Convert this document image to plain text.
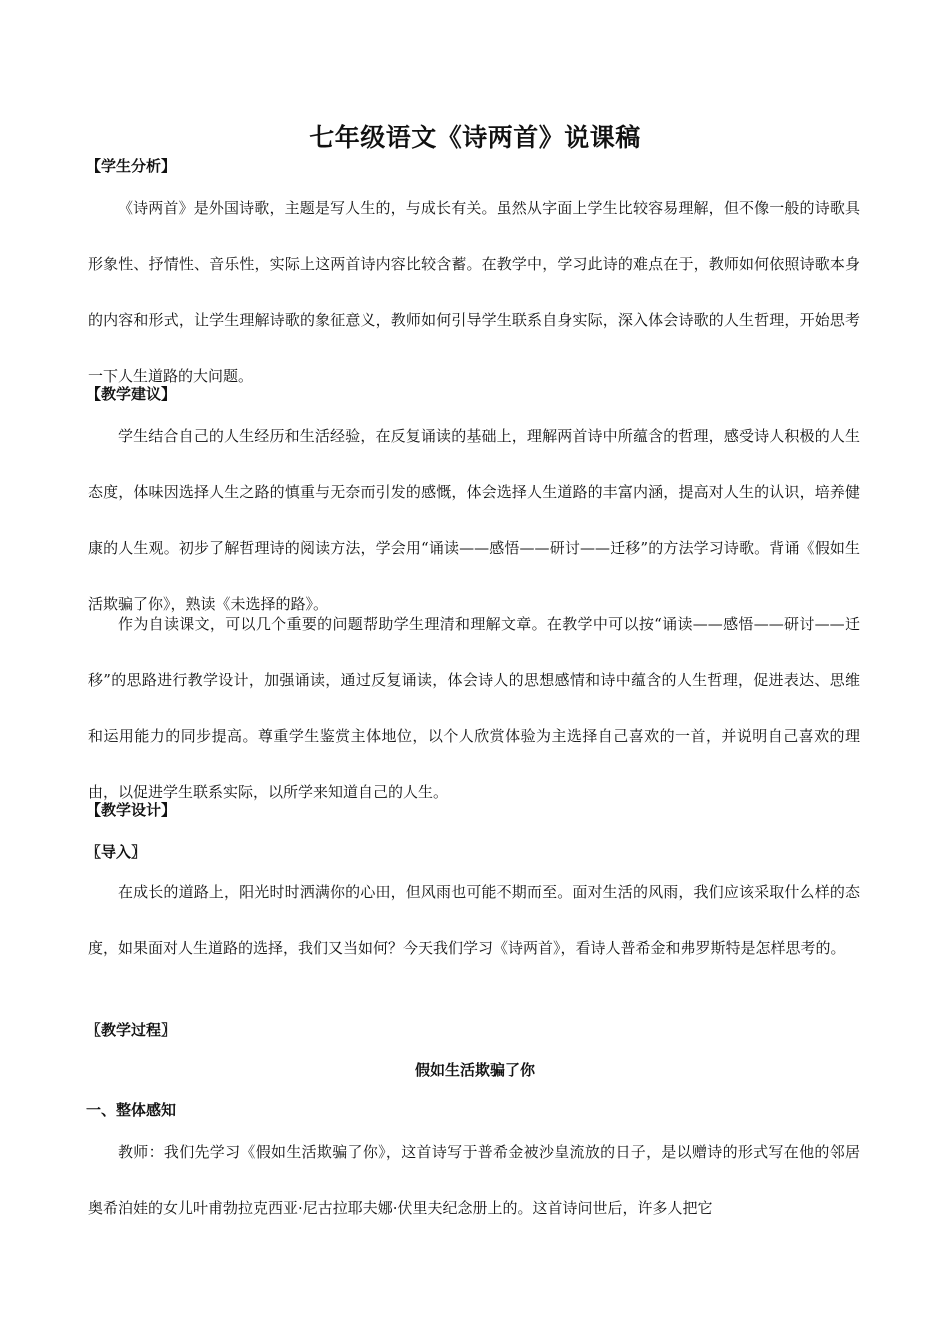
七年级语文《诗两首》说课稿
【学生分析】

《诗两首》是外国诗歌，主题是写人生的，与成长有关。虽然从字面上学生比较容易理解，但不像一般的诗歌具形象性、抒情性、音乐性，实际上这两首诗内容比较含蓄。在教学中，学习此诗的难点在于，教师如何依照诗歌本身的内容和形式，让学生理解诗歌的象征意义，教师如何引导学生联系自身实际，深入体会诗歌的人生哲理，开始思考一下人生道路的大问题。

【教学建议】

学生结合自己的人生经历和生活经验，在反复诵读的基础上，理解两首诗中所蕴含的哲理，感受诗人积极的人生态度，体味因选择人生之路的慎重与无奈而引发的感慨，体会选择人生道路的丰富内涵，提高对人生的认识，培养健康的人生观。初步了解哲理诗的阅读方法，学会用“诵读——感悟——研讨——迁移”的方法学习诗歌。背诵《假如生活欺骗了你》，熟读《未选择的路》。

作为自读课文，可以几个重要的问题帮助学生理清和理解文章。在教学中可以按“诵读——感悟——研讨——迁移”的思路进行教学设计，加强诵读，通过反复诵读，体会诗人的思想感情和诗中蕴含的人生哲理，促进表达、思维和运用能力的同步提高。尊重学生鉴赏主体地位，以个人欣赏体验为主选择自己喜欢的一首，并说明自己喜欢的理由，以促进学生联系实际，以所学来知道自己的人生。

【教学设计】
〖导入〗

在成长的道路上，阳光时时洒满你的心田，但风雨也可能不期而至。面对生活的风雨，我们应该采取什么样的态度，如果面对人生道路的选择，我们又当如何？今天我们学习《诗两首》，看诗人普希金和弗罗斯特是怎样思考的。

〖教学过程〗
假如生活欺骗了你
一、整体感知

教师：我们先学习《假如生活欺骗了你》，这首诗写于普希金被沙皇流放的日子，是以赠诗的形式写在他的邻居奥希泊娃的女儿叶甫勃拉克西亚·尼古拉耶夫娜·伏里夫纪念册上的。这首诗问世后，许多人把它
